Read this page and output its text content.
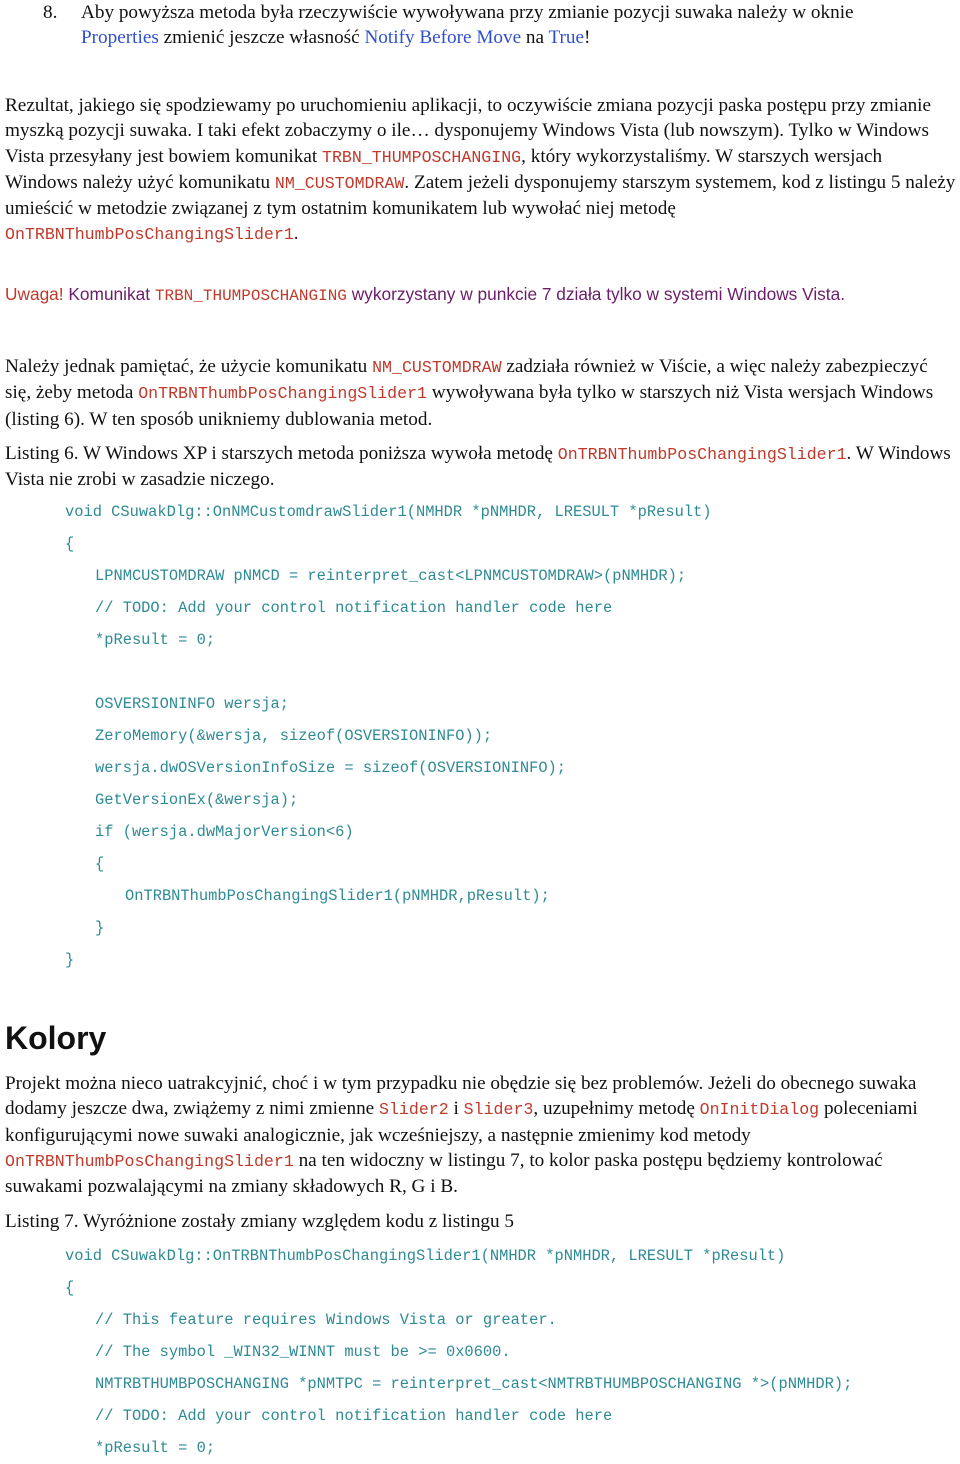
8. Aby powyższa metoda była rzeczywiście wywoływana przy zmianie pozycji suwaka należy w oknie
Properties zmienić jeszcze własność Notify Before Move na True!

Rezultat, jakiego się spodziewamy po uruchomieniu aplikacji, to oczywiście zmiana pozycji paska postępu przy zmianie myszką pozycji suwaka. I taki efekt zobaczymy o ile… dysponujemy Windows Vista (lub nowszym). Tylko w Windows Vista przesyłany jest bowiem komunikat TRBN_THUMPOSCHANGING, który wykorzystaliśmy. W starszych wersjach Windows należy użyć komunikatu NM_CUSTOMDRAW. Zatem jeżeli dysponujemy starszym systemem, kod z listingu 5 należy umieścić w metodzie związanej z tym ostatnim komunikatem lub wywołać niej metodę OnTRBNThumbPosChangingSlider1.

Uwaga! Komunikat TRBN_THUMPOSCHANGING wykorzystany w punkcie 7 działa tylko w systemi Windows Vista.

Należy jednak pamiętać, że użycie komunikatu NM_CUSTOMDRAW zadziała również w Viście, a więc należy zabezpieczyć się, żeby metoda OnTRBNThumbPosChangingSlider1 wywoływana była tylko w starszych niż Vista wersjach Windows (listing 6). W ten sposób unikniemy dublowania metod.

Listing 6. W Windows XP i starszych metoda poniższa wywoła metodę OnTRBNThumbPosChangingSlider1. W Windows Vista nie zrobi w zasadzie niczego.

void CSuwakDlg::OnNMCustomdrawSlider1(NMHDR *pNMHDR, LRESULT *pResult)
{
LPNMCUSTOMDRAW pNMCD = reinterpret_cast<LPNMCUSTOMDRAW>(pNMHDR);
// TODO: Add your control notification handler code here
*pResult = 0;
OSVERSIONINFO wersja;
ZeroMemory(&wersja, sizeof(OSVERSIONINFO));
wersja.dwOSVersionInfoSize = sizeof(OSVERSIONINFO);
GetVersionEx(&wersja);
if (wersja.dwMajorVersion<6)
{
OnTRBNThumbPosChangingSlider1(pNMHDR,pResult);
}
}
Kolory

Projekt można nieco uatrakcyjnić, choć i w tym przypadku nie obędzie się bez problemów. Jeżeli do obecnego suwaka dodamy jeszcze dwa, zwiążemy z nimi zmienne Slider2 i Slider3, uzupełnimy metodę OnInitDialog poleceniami konfigurującymi nowe suwaki analogicznie, jak wcześniejszy, a następnie zmienimy kod metody OnTRBNThumbPosChangingSlider1 na ten widoczny w listingu 7, to kolor paska postępu będziemy kontrolować suwakami pozwalającymi na zmiany składowych R, G i B.

Listing 7. Wyróżnione zostały zmiany względem kodu z listingu 5

void CSuwakDlg::OnTRBNThumbPosChangingSlider1(NMHDR *pNMHDR, LRESULT *pResult)
{
// This feature requires Windows Vista or greater.
// The symbol _WIN32_WINNT must be >= 0x0600.
NMTRBTHUMBPOSCHANGING *pNMTPC = reinterpret_cast<NMTRBTHUMBPOSCHANGING *>(pNMHDR);
// TODO: Add your control notification handler code here
*pResult = 0;
